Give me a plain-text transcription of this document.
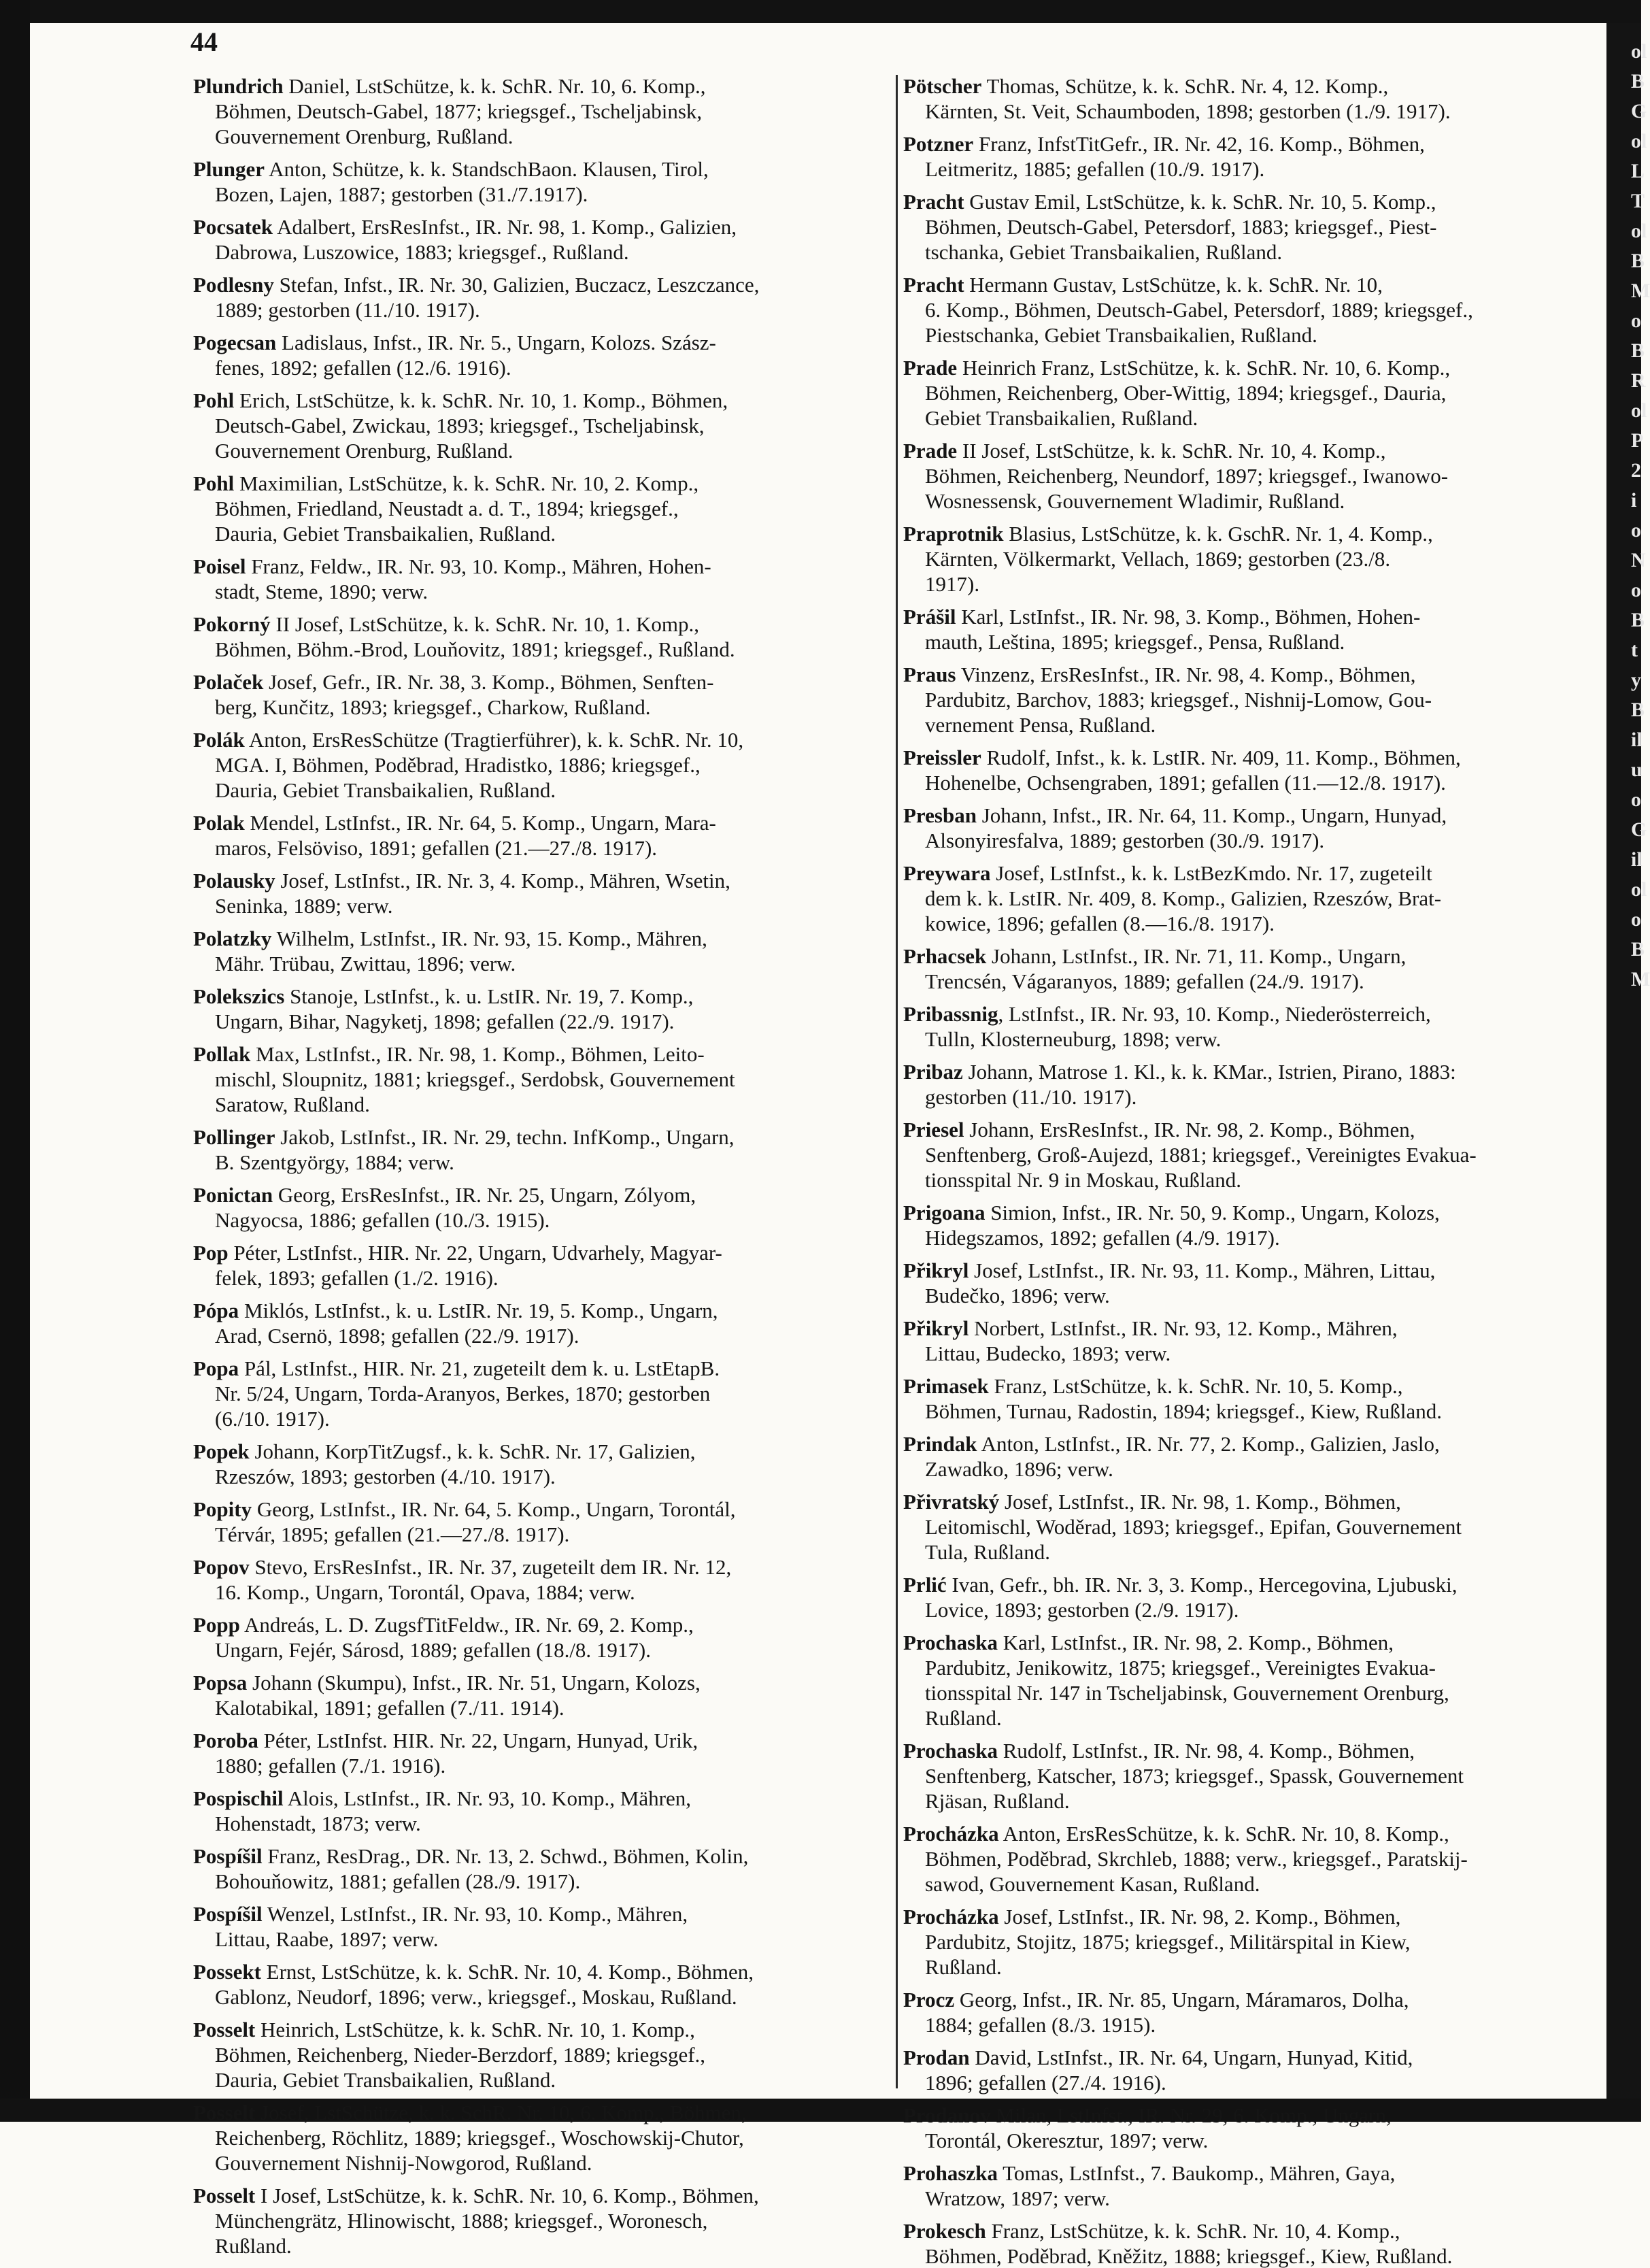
ol
B
G
ol
L
T
ol
B
M
o
B
R
ol
P
2
i
o
N
o
B
t
y
B
il
u
o
G
il
ol
o
B
M
44
Plundrich Daniel, LstSchütze, k. k. SchR. Nr. 10, 6. Komp.,
Böhmen, Deutsch-Gabel, 1877; kriegsgef., Tscheljabinsk,
Gouvernement Orenburg, Rußland.
Plunger Anton, Schütze, k. k. StandschBaon. Klausen, Tirol,
Bozen, Lajen, 1887; gestorben (31./7.1917).
Pocsatek Adalbert, ErsResInfst., IR. Nr. 98, 1. Komp., Galizien,
Dabrowa, Luszowice, 1883; kriegsgef., Rußland.
Podlesny Stefan, Infst., IR. Nr. 30, Galizien, Buczacz, Leszczance,
1889; gestorben (11./10. 1917).
Pogecsan Ladislaus, Infst., IR. Nr. 5., Ungarn, Kolozs. Szász-
fenes, 1892; gefallen (12./6. 1916).
Pohl Erich, LstSchütze, k. k. SchR. Nr. 10, 1. Komp., Böhmen,
Deutsch-Gabel, Zwickau, 1893; kriegsgef., Tscheljabinsk,
Gouvernement Orenburg, Rußland.
Pohl Maximilian, LstSchütze, k. k. SchR. Nr. 10, 2. Komp.,
Böhmen, Friedland, Neustadt a. d. T., 1894; kriegsgef.,
Dauria, Gebiet Transbaikalien, Rußland.
Poisel Franz, Feldw., IR. Nr. 93, 10. Komp., Mähren, Hohen-
stadt, Steme, 1890; verw.
Pokorný II Josef, LstSchütze, k. k. SchR. Nr. 10, 1. Komp.,
Böhmen, Böhm.-Brod, Louňovitz, 1891; kriegsgef., Rußland.
Polaček Josef, Gefr., IR. Nr. 38, 3. Komp., Böhmen, Senften-
berg, Kunčitz, 1893; kriegsgef., Charkow, Rußland.
Polák Anton, ErsResSchütze (Tragtierführer), k. k. SchR. Nr. 10,
MGA. I, Böhmen, Poděbrad, Hradistko, 1886; kriegsgef.,
Dauria, Gebiet Transbaikalien, Rußland.
Polak Mendel, LstInfst., IR. Nr. 64, 5. Komp., Ungarn, Mara-
maros, Felsöviso, 1891; gefallen (21.—27./8. 1917).
Polausky Josef, LstInfst., IR. Nr. 3, 4. Komp., Mähren, Wsetin,
Seninka, 1889; verw.
Polatzky Wilhelm, LstInfst., IR. Nr. 93, 15. Komp., Mähren,
Mähr. Trübau, Zwittau, 1896; verw.
Polekszics Stanoje, LstInfst., k. u. LstIR. Nr. 19, 7. Komp.,
Ungarn, Bihar, Nagyketj, 1898; gefallen (22./9. 1917).
Pollak Max, LstInfst., IR. Nr. 98, 1. Komp., Böhmen, Leito-
mischl, Sloupnitz, 1881; kriegsgef., Serdobsk, Gouvernement
Saratow, Rußland.
Pollinger Jakob, LstInfst., IR. Nr. 29, techn. InfKomp., Ungarn,
B. Szentgyörgy, 1884; verw.
Ponictan Georg, ErsResInfst., IR. Nr. 25, Ungarn, Zólyom,
Nagyocsa, 1886; gefallen (10./3. 1915).
Pop Péter, LstInfst., HIR. Nr. 22, Ungarn, Udvarhely, Magyar-
felek, 1893; gefallen (1./2. 1916).
Pópa Miklós, LstInfst., k. u. LstIR. Nr. 19, 5. Komp., Ungarn,
Arad, Csernö, 1898; gefallen (22./9. 1917).
Popa Pál, LstInfst., HIR. Nr. 21, zugeteilt dem k. u. LstEtapB.
Nr. 5/24, Ungarn, Torda-Aranyos, Berkes, 1870; gestorben
(6./10. 1917).
Popek Johann, KorpTitZugsf., k. k. SchR. Nr. 17, Galizien,
Rzeszów, 1893; gestorben (4./10. 1917).
Popity Georg, LstInfst., IR. Nr. 64, 5. Komp., Ungarn, Torontál,
Térvár, 1895; gefallen (21.—27./8. 1917).
Popov Stevo, ErsResInfst., IR. Nr. 37, zugeteilt dem IR. Nr. 12,
16. Komp., Ungarn, Torontál, Opava, 1884; verw.
Popp Andreás, L. D. ZugsfTitFeldw., IR. Nr. 69, 2. Komp.,
Ungarn, Fejér, Sárosd, 1889; gefallen (18./8. 1917).
Popsa Johann (Skumpu), Infst., IR. Nr. 51, Ungarn, Kolozs,
Kalotabikal, 1891; gefallen (7./11. 1914).
Poroba Péter, LstInfst. HIR. Nr. 22, Ungarn, Hunyad, Urik,
1880; gefallen (7./1. 1916).
Pospischil Alois, LstInfst., IR. Nr. 93, 10. Komp., Mähren,
Hohenstadt, 1873; verw.
Pospíšil Franz, ResDrag., DR. Nr. 13, 2. Schwd., Böhmen, Kolin,
Bohouňowitz, 1881; gefallen (28./9. 1917).
Pospíšil Wenzel, LstInfst., IR. Nr. 93, 10. Komp., Mähren,
Littau, Raabe, 1897; verw.
Possekt Ernst, LstSchütze, k. k. SchR. Nr. 10, 4. Komp., Böhmen,
Gablonz, Neudorf, 1896; verw., kriegsgef., Moskau, Rußland.
Posselt Heinrich, LstSchütze, k. k. SchR. Nr. 10, 1. Komp.,
Böhmen, Reichenberg, Nieder-Berzdorf, 1889; kriegsgef.,
Dauria, Gebiet Transbaikalien, Rußland.
Posselt Josef, LstSchütze, k. k. SchR. Nr. 10, 6. Komp., Böhmen,
Reichenberg, Röchlitz, 1889; kriegsgef., Woschowskij-Chutor,
Gouvernement Nishnij-Nowgorod, Rußland.
Posselt I Josef, LstSchütze, k. k. SchR. Nr. 10, 6. Komp., Böhmen,
Münchengrätz, Hlinowischt, 1888; kriegsgef., Woronesch,
Rußland.
Pötscher Thomas, Schütze, k. k. SchR. Nr. 4, 12. Komp.,
Kärnten, St. Veit, Schaumboden, 1898; gestorben (1./9. 1917).
Potzner Franz, InfstTitGefr., IR. Nr. 42, 16. Komp., Böhmen,
Leitmeritz, 1885; gefallen (10./9. 1917).
Pracht Gustav Emil, LstSchütze, k. k. SchR. Nr. 10, 5. Komp.,
Böhmen, Deutsch-Gabel, Petersdorf, 1883; kriegsgef., Piest-
tschanka, Gebiet Transbaikalien, Rußland.
Pracht Hermann Gustav, LstSchütze, k. k. SchR. Nr. 10,
6. Komp., Böhmen, Deutsch-Gabel, Petersdorf, 1889; kriegsgef.,
Piestschanka, Gebiet Transbaikalien, Rußland.
Prade Heinrich Franz, LstSchütze, k. k. SchR. Nr. 10, 6. Komp.,
Böhmen, Reichenberg, Ober-Wittig, 1894; kriegsgef., Dauria,
Gebiet Transbaikalien, Rußland.
Prade II Josef, LstSchütze, k. k. SchR. Nr. 10, 4. Komp.,
Böhmen, Reichenberg, Neundorf, 1897; kriegsgef., Iwanowo-
Wosnessensk, Gouvernement Wladimir, Rußland.
Praprotnik Blasius, LstSchütze, k. k. GschR. Nr. 1, 4. Komp.,
Kärnten, Völkermarkt, Vellach, 1869; gestorben (23./8.
1917).
Prášil Karl, LstInfst., IR. Nr. 98, 3. Komp., Böhmen, Hohen-
mauth, Leština, 1895; kriegsgef., Pensa, Rußland.
Praus Vinzenz, ErsResInfst., IR. Nr. 98, 4. Komp., Böhmen,
Pardubitz, Barchov, 1883; kriegsgef., Nishnij-Lomow, Gou-
vernement Pensa, Rußland.
Preissler Rudolf, Infst., k. k. LstIR. Nr. 409, 11. Komp., Böhmen,
Hohenelbe, Ochsengraben, 1891; gefallen (11.—12./8. 1917).
Presban Johann, Infst., IR. Nr. 64, 11. Komp., Ungarn, Hunyad,
Alsonyiresfalva, 1889; gestorben (30./9. 1917).
Preywara Josef, LstInfst., k. k. LstBezKmdo. Nr. 17, zugeteilt
dem k. k. LstIR. Nr. 409, 8. Komp., Galizien, Rzeszów, Brat-
kowice, 1896; gefallen (8.—16./8. 1917).
Prhacsek Johann, LstInfst., IR. Nr. 71, 11. Komp., Ungarn,
Trencsén, Vágaranyos, 1889; gefallen (24./9. 1917).
Pribassnig, LstInfst., IR. Nr. 93, 10. Komp., Niederösterreich,
Tulln, Klosterneuburg, 1898; verw.
Pribaz Johann, Matrose 1. Kl., k. k. KMar., Istrien, Pirano, 1883:
gestorben (11./10. 1917).
Priesel Johann, ErsResInfst., IR. Nr. 98, 2. Komp., Böhmen,
Senftenberg, Groß-Aujezd, 1881; kriegsgef., Vereinigtes Evakua-
tionsspital Nr. 9 in Moskau, Rußland.
Prigoana Simion, Infst., IR. Nr. 50, 9. Komp., Ungarn, Kolozs,
Hidegszamos, 1892; gefallen (4./9. 1917).
Přikryl Josef, LstInfst., IR. Nr. 93, 11. Komp., Mähren, Littau,
Budečko, 1896; verw.
Přikryl Norbert, LstInfst., IR. Nr. 93, 12. Komp., Mähren,
Littau, Budecko, 1893; verw.
Primasek Franz, LstSchütze, k. k. SchR. Nr. 10, 5. Komp.,
Böhmen, Turnau, Radostin, 1894; kriegsgef., Kiew, Rußland.
Prindak Anton, LstInfst., IR. Nr. 77, 2. Komp., Galizien, Jaslo,
Zawadko, 1896; verw.
Přivratský Josef, LstInfst., IR. Nr. 98, 1. Komp., Böhmen,
Leitomischl, Woděrad, 1893; kriegsgef., Epifan, Gouvernement
Tula, Rußland.
Prlić Ivan, Gefr., bh. IR. Nr. 3, 3. Komp., Hercegovina, Ljubuski,
Lovice, 1893; gestorben (2./9. 1917).
Prochaska Karl, LstInfst., IR. Nr. 98, 2. Komp., Böhmen,
Pardubitz, Jenikowitz, 1875; kriegsgef., Vereinigtes Evakua-
tionsspital Nr. 147 in Tscheljabinsk, Gouvernement Orenburg,
Rußland.
Prochaska Rudolf, LstInfst., IR. Nr. 98, 4. Komp., Böhmen,
Senftenberg, Katscher, 1873; kriegsgef., Spassk, Gouvernement
Rjäsan, Rußland.
Procházka Anton, ErsResSchütze, k. k. SchR. Nr. 10, 8. Komp.,
Böhmen, Poděbrad, Skrchleb, 1888; verw., kriegsgef., Paratskij-
sawod, Gouvernement Kasan, Rußland.
Procházka Josef, LstInfst., IR. Nr. 98, 2. Komp., Böhmen,
Pardubitz, Stojitz, 1875; kriegsgef., Militärspital in Kiew,
Rußland.
Procz Georg, Infst., IR. Nr. 85, Ungarn, Máramaros, Dolha,
1884; gefallen (8./3. 1915).
Prodan David, LstInfst., IR. Nr. 64, Ungarn, Hunyad, Kitid,
1896; gefallen (27./4. 1916).
Prodanov Milan, LstInfst., IR. Nr. 29, 6. Komp., Ungarn,
Torontál, Okeresztur, 1897; verw.
Prohaszka Tomas, LstInfst., 7. Baukomp., Mähren, Gaya,
Wratzow, 1897; verw.
Prokesch Franz, LstSchütze, k. k. SchR. Nr. 10, 4. Komp.,
Böhmen, Poděbrad, Kněžitz, 1888; kriegsgef., Kiew, Rußland.
